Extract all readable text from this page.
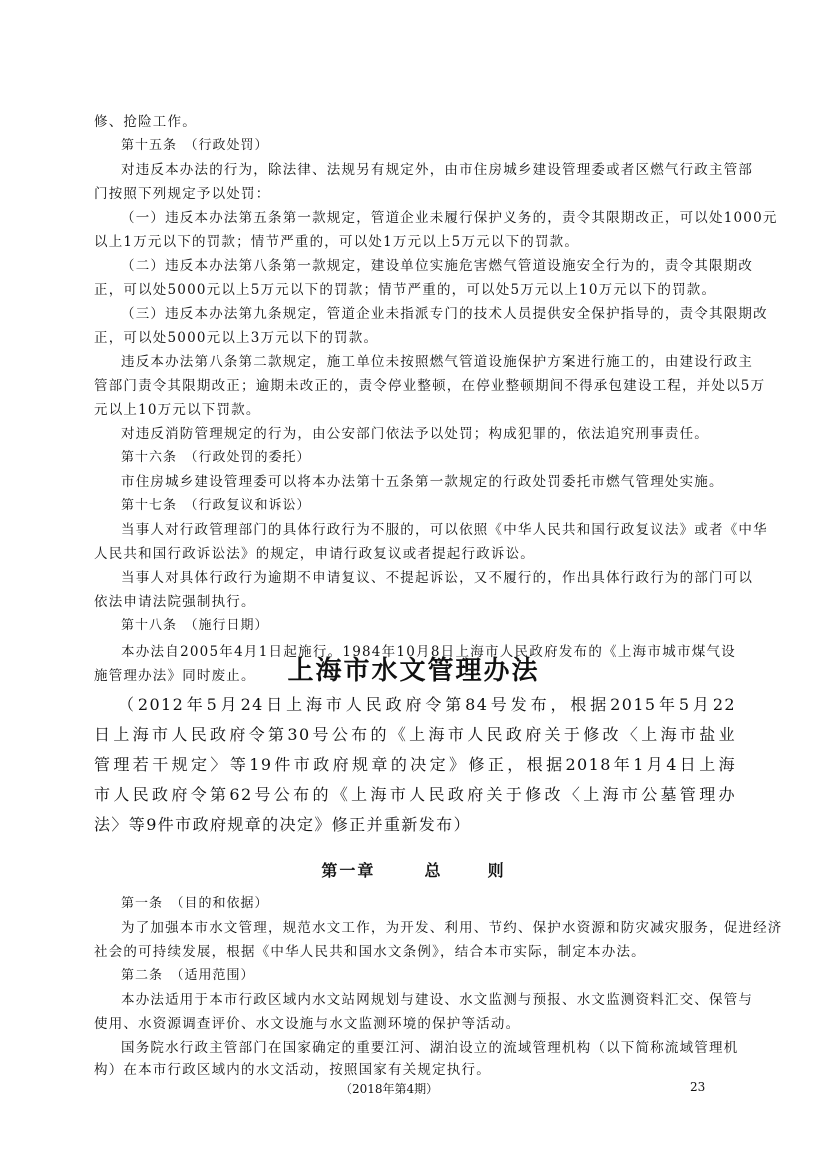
修、抢险工作。
第十五条　（行政处罚）
对违反本办法的行为，除法律、法规另有规定外，由市住房城乡建设管理委或者区燃气行政主管部
门按照下列规定予以处罚：
（一）违反本办法第五条第一款规定，管道企业未履行保护义务的，责令其限期改正，可以处1000元
以上1万元以下的罚款；情节严重的，可以处1万元以上5万元以下的罚款。
（二）违反本办法第八条第一款规定，建设单位实施危害燃气管道设施安全行为的，责令其限期改
正，可以处5000元以上5万元以下的罚款；情节严重的，可以处5万元以上10万元以下的罚款。
（三）违反本办法第九条规定，管道企业未指派专门的技术人员提供安全保护指导的，责令其限期改
正，可以处5000元以上3万元以下的罚款。
违反本办法第八条第二款规定，施工单位未按照燃气管道设施保护方案进行施工的，由建设行政主
管部门责令其限期改正；逾期未改正的，责令停业整顿，在停业整顿期间不得承包建设工程，并处以5万
元以上10万元以下罚款。
对违反消防管理规定的行为，由公安部门依法予以处罚；构成犯罪的，依法追究刑事责任。
第十六条　（行政处罚的委托）
市住房城乡建设管理委可以将本办法第十五条第一款规定的行政处罚委托市燃气管理处实施。
第十七条　（行政复议和诉讼）
当事人对行政管理部门的具体行政行为不服的，可以依照《中华人民共和国行政复议法》或者《中华
人民共和国行政诉讼法》的规定，申请行政复议或者提起行政诉讼。
当事人对具体行政行为逾期不申请复议、不提起诉讼，又不履行的，作出具体行政行为的部门可以
依法申请法院强制执行。
第十八条　（施行日期）
本办法自2005年4月1日起施行。1984年10月8日上海市人民政府发布的《上海市城市煤气设
施管理办法》同时废止。	上海市水文管理办法
（2012年5月24日上海市人民政府令第84号发布，根据2015年5月22
日上海市人民政府令第30号公布的《上海市人民政府关于修改〈上海市盐业
管理若干规定〉等19件市政府规章的决定》修正，根据2018年1月4日上海
市人民政府令第62号公布的《上海市人民政府关于修改〈上海市公墓管理办
法〉等9件市政府规章的决定》修正并重新发布）
第一章	总	则
第一条　（目的和依据）
为了加强本市水文管理，规范水文工作，为开发、利用、节约、保护水资源和防灾减灾服务，促进经济
社会的可持续发展，根据《中华人民共和国水文条例》，结合本市实际，制定本办法。
第二条　（适用范围）
本办法适用于本市行政区域内水文站网规划与建设、水文监测与预报、水文监测资料汇交、保管与
使用、水资源调查评价、水文设施与水文监测环境的保护等活动。
国务院水行政主管部门在国家确定的重要江河、湖泊设立的流域管理机构（以下简称流域管理机
构）在本市行政区域内的水文活动，按照国家有关规定执行。
（2018年第4期）	23
